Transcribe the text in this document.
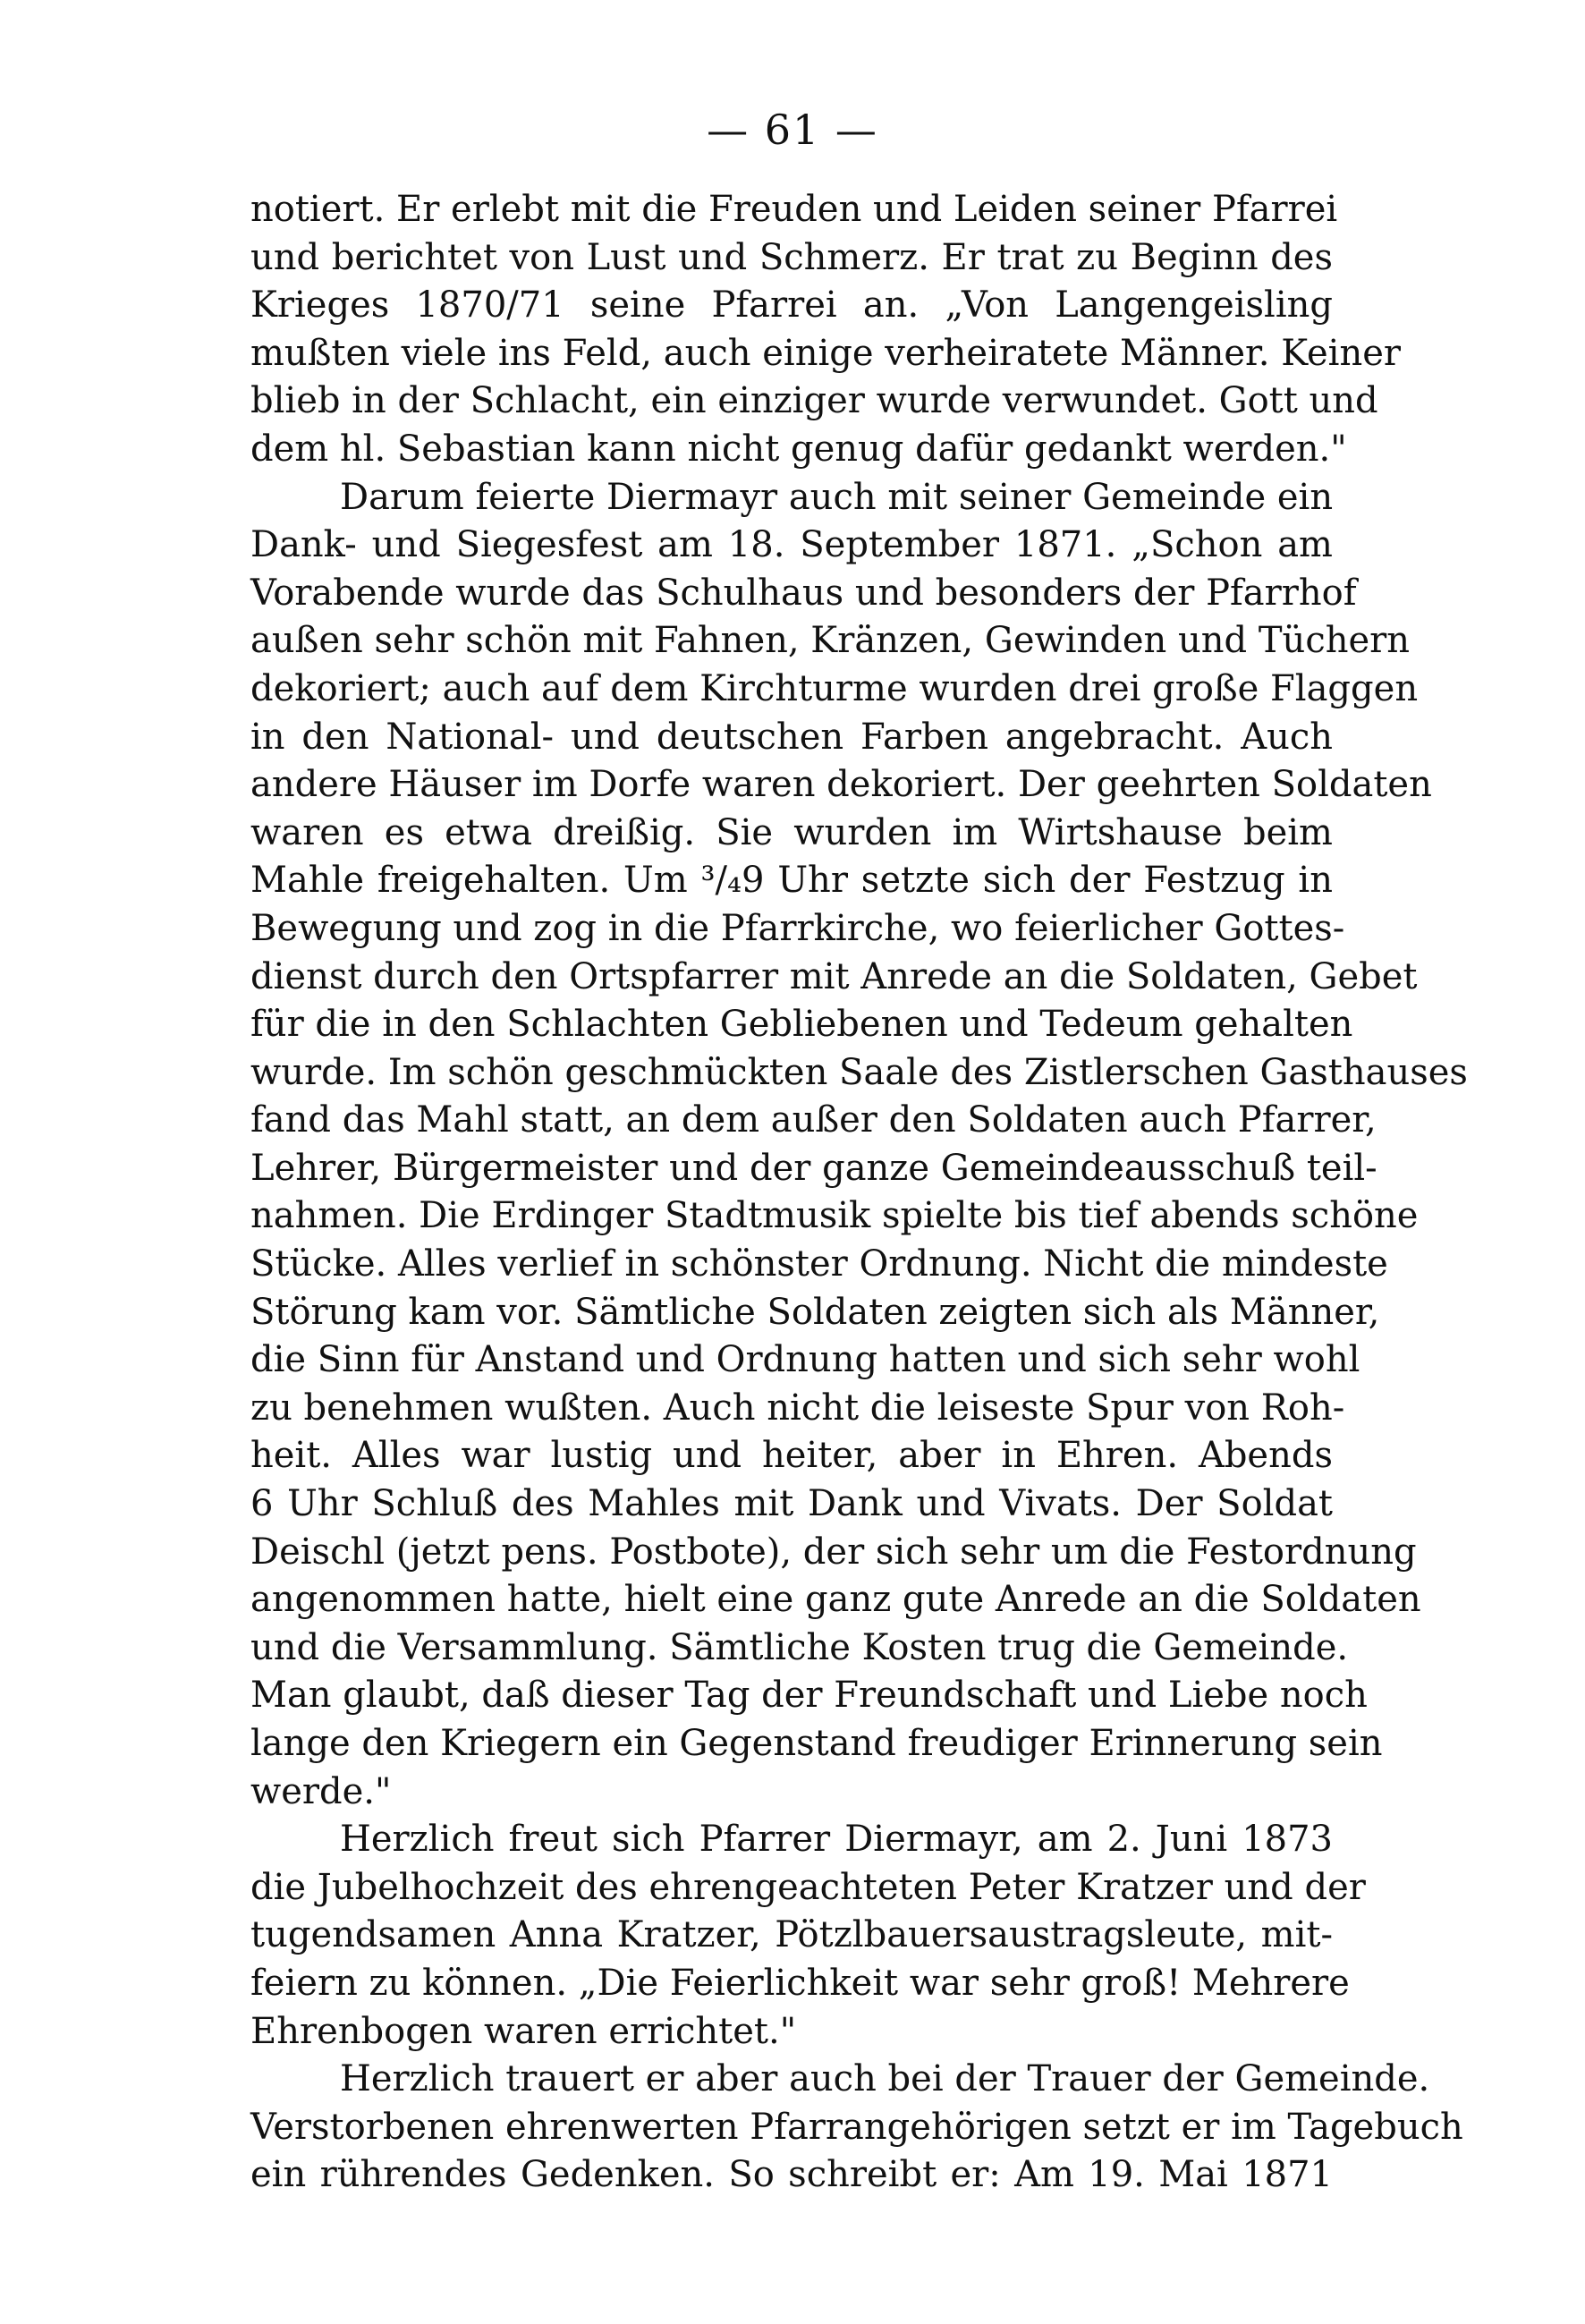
— 61 —
notiert. Er erlebt mit die Freuden und Leiden seiner Pfarrei
und berichtet von Lust und Schmerz. Er trat zu Beginn des
Krieges 1870/71 seine Pfarrei an. „Von Langengeisling
mußten viele ins Feld, auch einige verheiratete Männer. Keiner
blieb in der Schlacht, ein einziger wurde verwundet. Gott und
dem hl. Sebastian kann nicht genug dafür gedankt werden."
Darum feierte Diermayr auch mit seiner Gemeinde ein
Dank- und Siegesfest am 18. September 1871. „Schon am
Vorabende wurde das Schulhaus und besonders der Pfarrhof
außen sehr schön mit Fahnen, Kränzen, Gewinden und Tüchern
dekoriert; auch auf dem Kirchturme wurden drei große Flaggen
in den National- und deutschen Farben angebracht. Auch
andere Häuser im Dorfe waren dekoriert. Der geehrten Soldaten
waren es etwa dreißig. Sie wurden im Wirtshause beim
Mahle freigehalten. Um ³/₄9 Uhr setzte sich der Festzug in
Bewegung und zog in die Pfarrkirche, wo feierlicher Gottes-
dienst durch den Ortspfarrer mit Anrede an die Soldaten, Gebet
für die in den Schlachten Gebliebenen und Tedeum gehalten
wurde. Im schön geschmückten Saale des Zistlerschen Gasthauses
fand das Mahl statt, an dem außer den Soldaten auch Pfarrer,
Lehrer, Bürgermeister und der ganze Gemeindeausschuß teil-
nahmen. Die Erdinger Stadtmusik spielte bis tief abends schöne
Stücke. Alles verlief in schönster Ordnung. Nicht die mindeste
Störung kam vor. Sämtliche Soldaten zeigten sich als Männer,
die Sinn für Anstand und Ordnung hatten und sich sehr wohl
zu benehmen wußten. Auch nicht die leiseste Spur von Roh-
heit. Alles war lustig und heiter, aber in Ehren. Abends
6 Uhr Schluß des Mahles mit Dank und Vivats. Der Soldat
Deischl (jetzt pens. Postbote), der sich sehr um die Festordnung
angenommen hatte, hielt eine ganz gute Anrede an die Soldaten
und die Versammlung. Sämtliche Kosten trug die Gemeinde.
Man glaubt, daß dieser Tag der Freundschaft und Liebe noch
lange den Kriegern ein Gegenstand freudiger Erinnerung sein
werde."
Herzlich freut sich Pfarrer Diermayr, am 2. Juni 1873
die Jubelhochzeit des ehrengeachteten Peter Kratzer und der
tugendsamen Anna Kratzer, Pötzlbauersaustragsleute, mit-
feiern zu können. „Die Feierlichkeit war sehr groß! Mehrere
Ehrenbogen waren errichtet."
Herzlich trauert er aber auch bei der Trauer der Gemeinde.
Verstorbenen ehrenwerten Pfarrangehörigen setzt er im Tagebuch
ein rührendes Gedenken. So schreibt er: Am 19. Mai 1871
